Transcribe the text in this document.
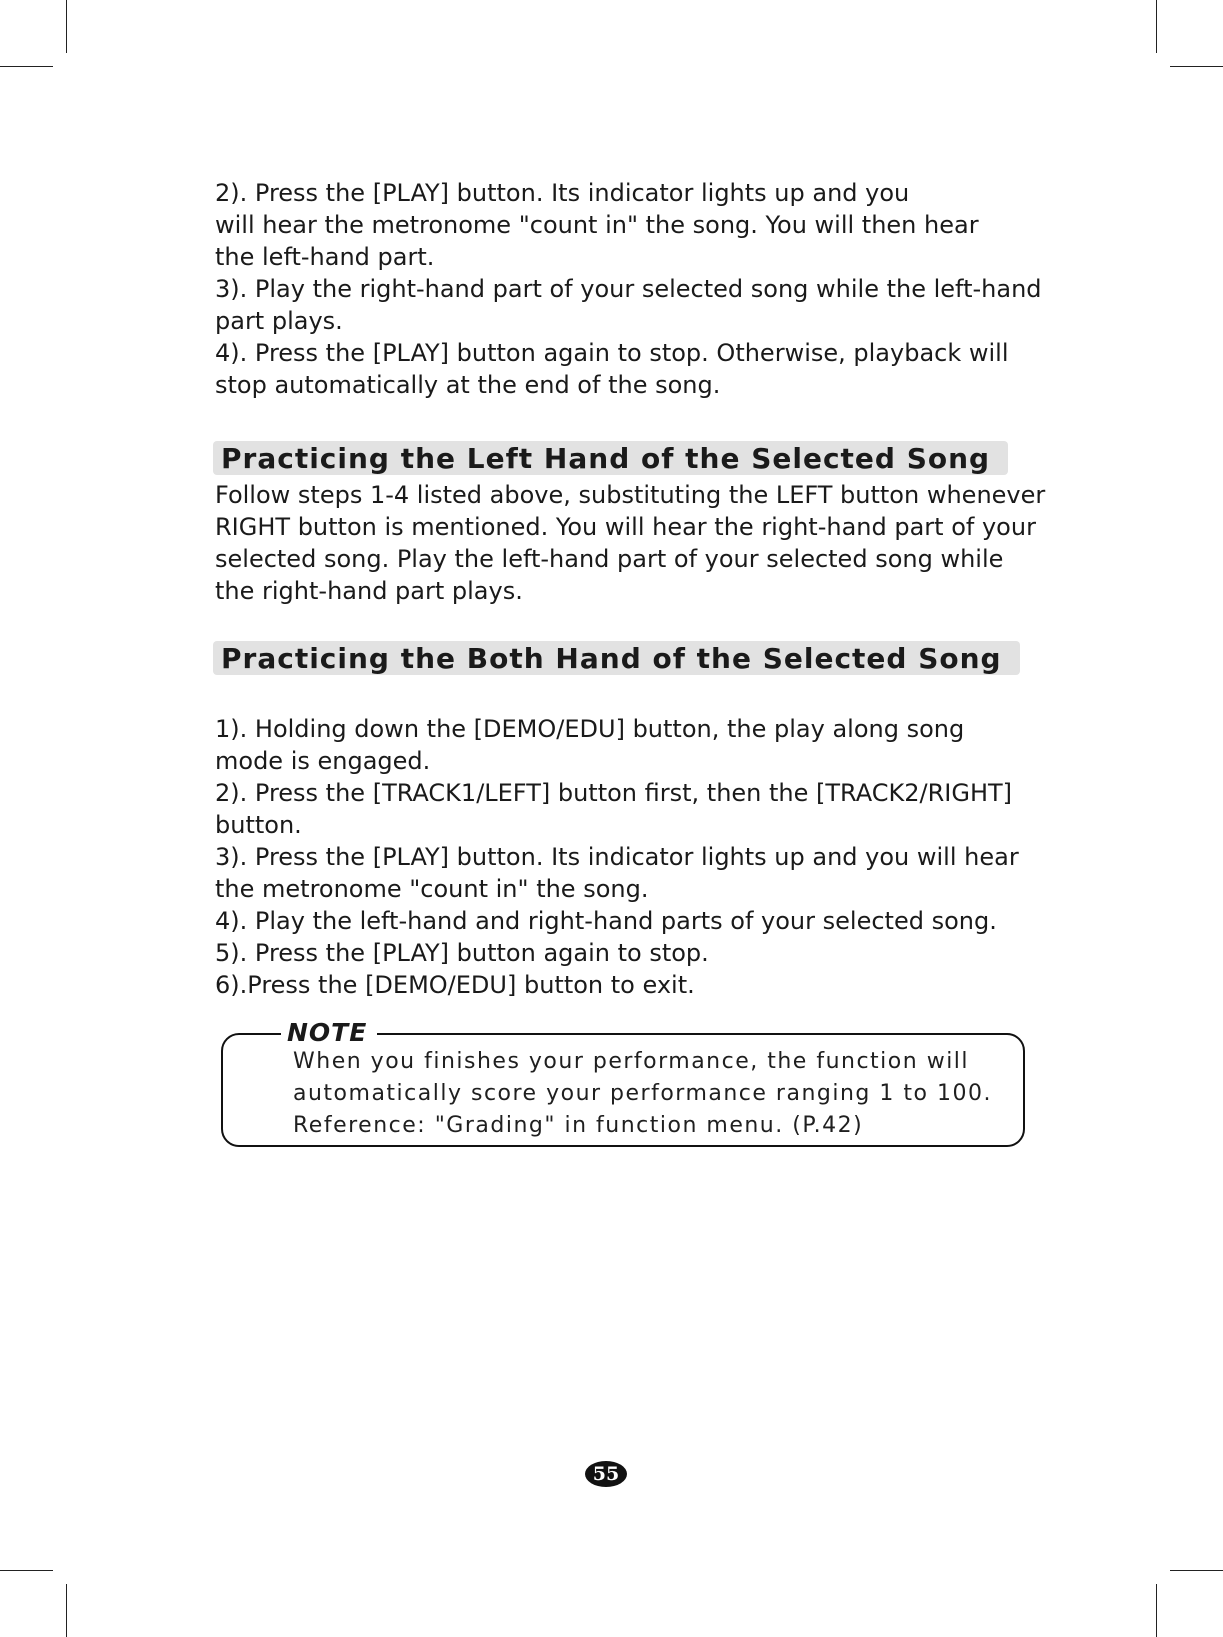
2). Press the [PLAY] button. Its indicator lights up and you

will hear the metronome "count in" the song. You will then hear

the left-hand part.

3). Play the right-hand part of your selected song while the left-hand

part plays.

4). Press the [PLAY] button again to stop. Otherwise, playback will

stop automatically at the end of the song.

Practicing the Left Hand of the Selected Song

Follow steps 1-4 listed above, substituting the LEFT button whenever

RIGHT button is mentioned. You will hear the right-hand part of your

selected song. Play the left-hand part of your selected song while

the right-hand part plays.

Practicing the Both Hand of the Selected Song

1). Holding down the [DEMO/EDU] button, the play along song

mode is engaged.

2). Press the [TRACK1/LEFT] button first, then the [TRACK2/RIGHT]

button.

3). Press the [PLAY] button. Its indicator lights up and you will hear

the metronome "count in" the song.

4). Play the left-hand and right-hand parts of your selected song.

5). Press the [PLAY] button again to stop.

6).Press the [DEMO/EDU] button to exit.

NOTE

When you finishes your performance, the function will

automatically score your performance ranging 1 to 100.

Reference: "Grading" in function menu. (P.42)

55
